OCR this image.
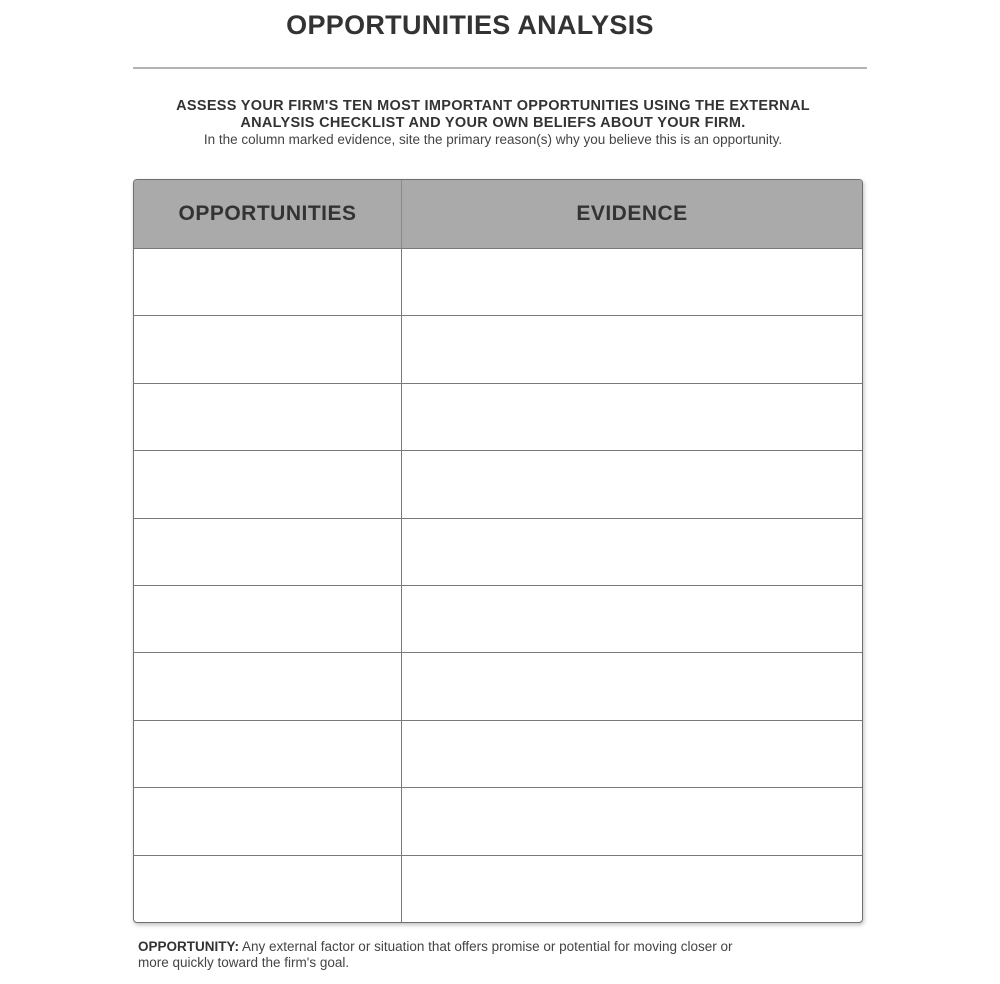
OPPORTUNITIES ANALYSIS

ASSESS YOUR FIRM'S TEN MOST IMPORTANT OPPORTUNITIES USING THE EXTERNAL ANALYSIS CHECKLIST AND YOUR OWN BELIEFS ABOUT YOUR FIRM.

In the column marked evidence, site the primary reason(s) why you believe this is an opportunity.

OPPORTUNITIES	EVIDENCE

OPPORTUNITY: Any external factor or situation that offers promise or potential for moving closer or more quickly toward the firm's goal.
